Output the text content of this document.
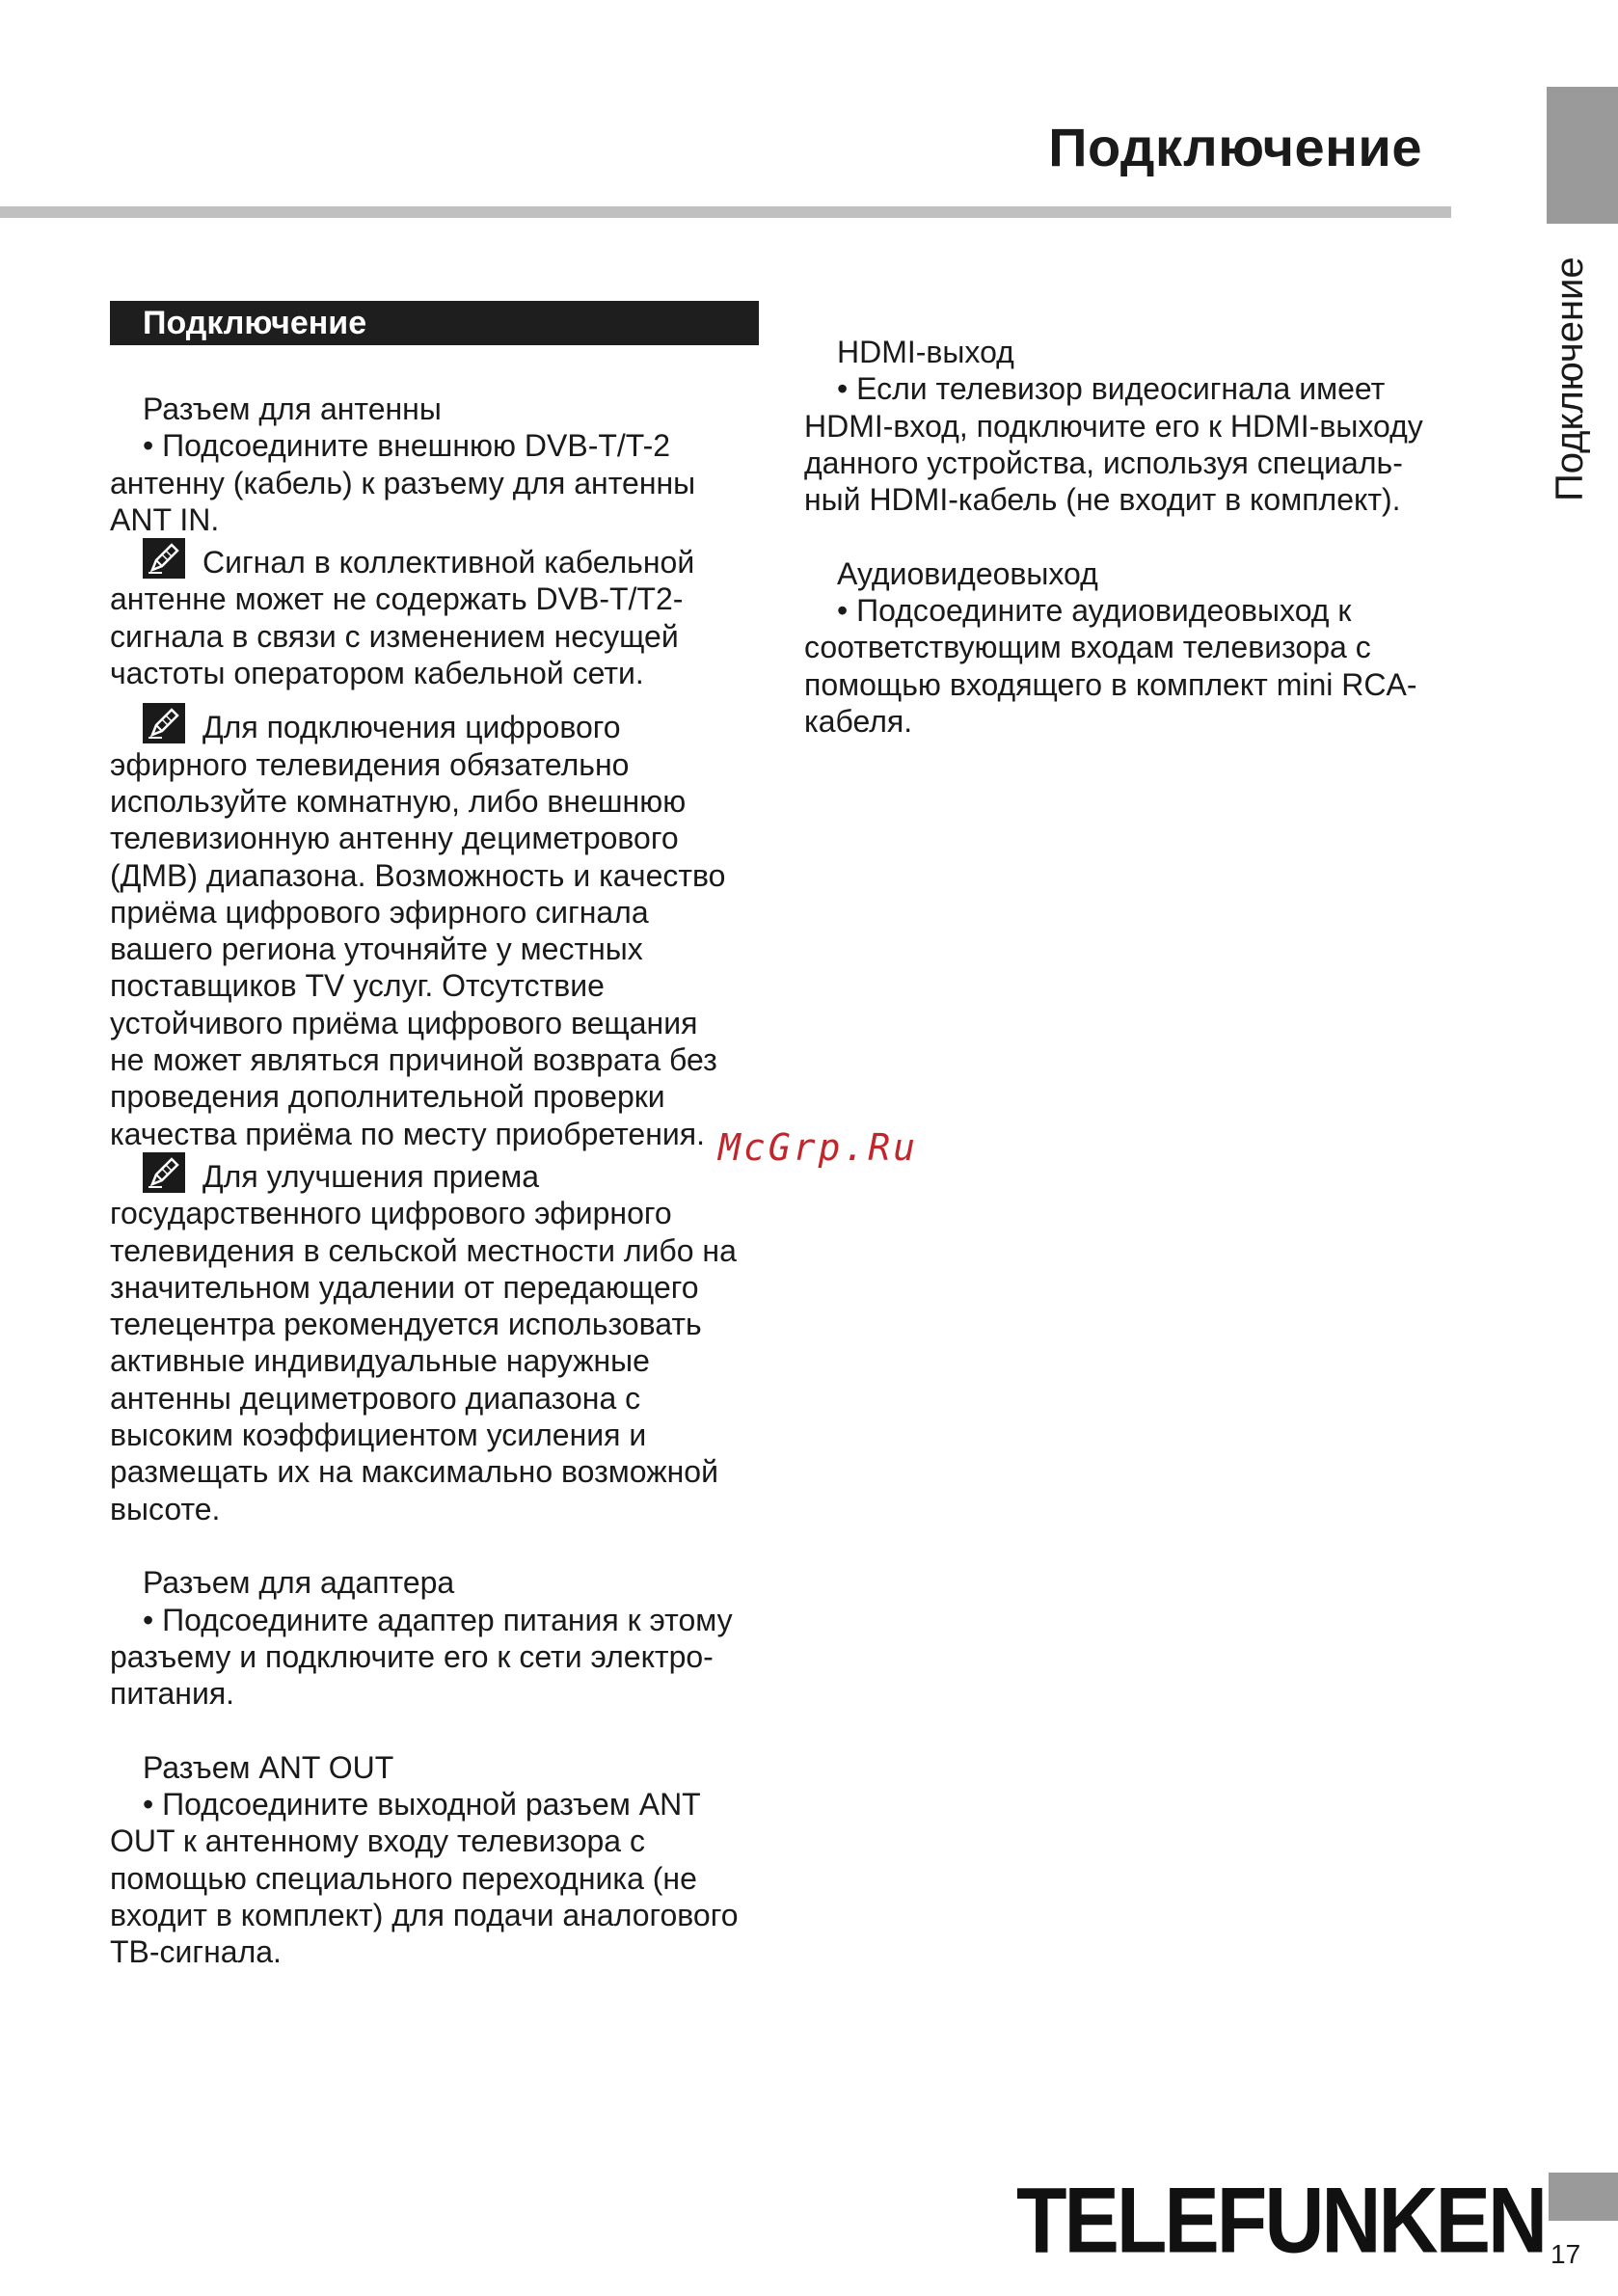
Подключение
Подключение
Подключение

Разъем для антенны

• Подсоедините внешнюю DVB-T/T-2

антенну (кабель) к разъему для антенны

ANT IN.

Сигнал в коллективной кабельной

антенне может не содержать DVB-T/T2-

сигнала в связи с изменением несущей

частоты оператором кабельной сети.

Для подключения цифрового

эфирного телевидения обязательно

используйте комнатную, либо внешнюю

телевизионную антенну дециметрового

(ДМВ) диапазона. Возможность и качество

приёма цифрового эфирного сигнала

вашего региона уточняйте у местных

поставщиков TV услуг. Отсутствие

устойчивого приёма цифрового вещания

не может являться причиной возврата без

проведения дополнительной проверки

качества приёма по месту приобретения.

Для улучшения приема

государственного цифрового эфирного

телевидения в сельской местности либо на

значительном удалении от передающего

телецентра рекомендуется использовать

активные индивидуальные наружные

антенны дециметрового диапазона с

высоким коэффициентом усиления и

размещать их на максимально возможной

высоте.

Разъем для адаптера

• Подсоедините адаптер питания к этому

разъему и подключите его к сети электро-

питания.

Разъем ANT OUT

• Подсоедините выходной разъем ANT

OUT к антенному входу телевизора с

помощью специального переходника (не

входит в комплект) для подачи аналогового

ТВ-сигнала.

HDMI-выход

• Если телевизор видеосигнала имеет

HDMI-вход, подключите его к HDMI-выходу

данного устройства, используя специаль-

ный HDMI-кабель (не входит в комплект).

Аудиовидеовыход

• Подсоедините аудиовидеовыход к

соответствующим входам телевизора с

помощью входящего в комплект mini RCA-

кабеля.

McGrp.Ru
TELEFUNKEN 17
